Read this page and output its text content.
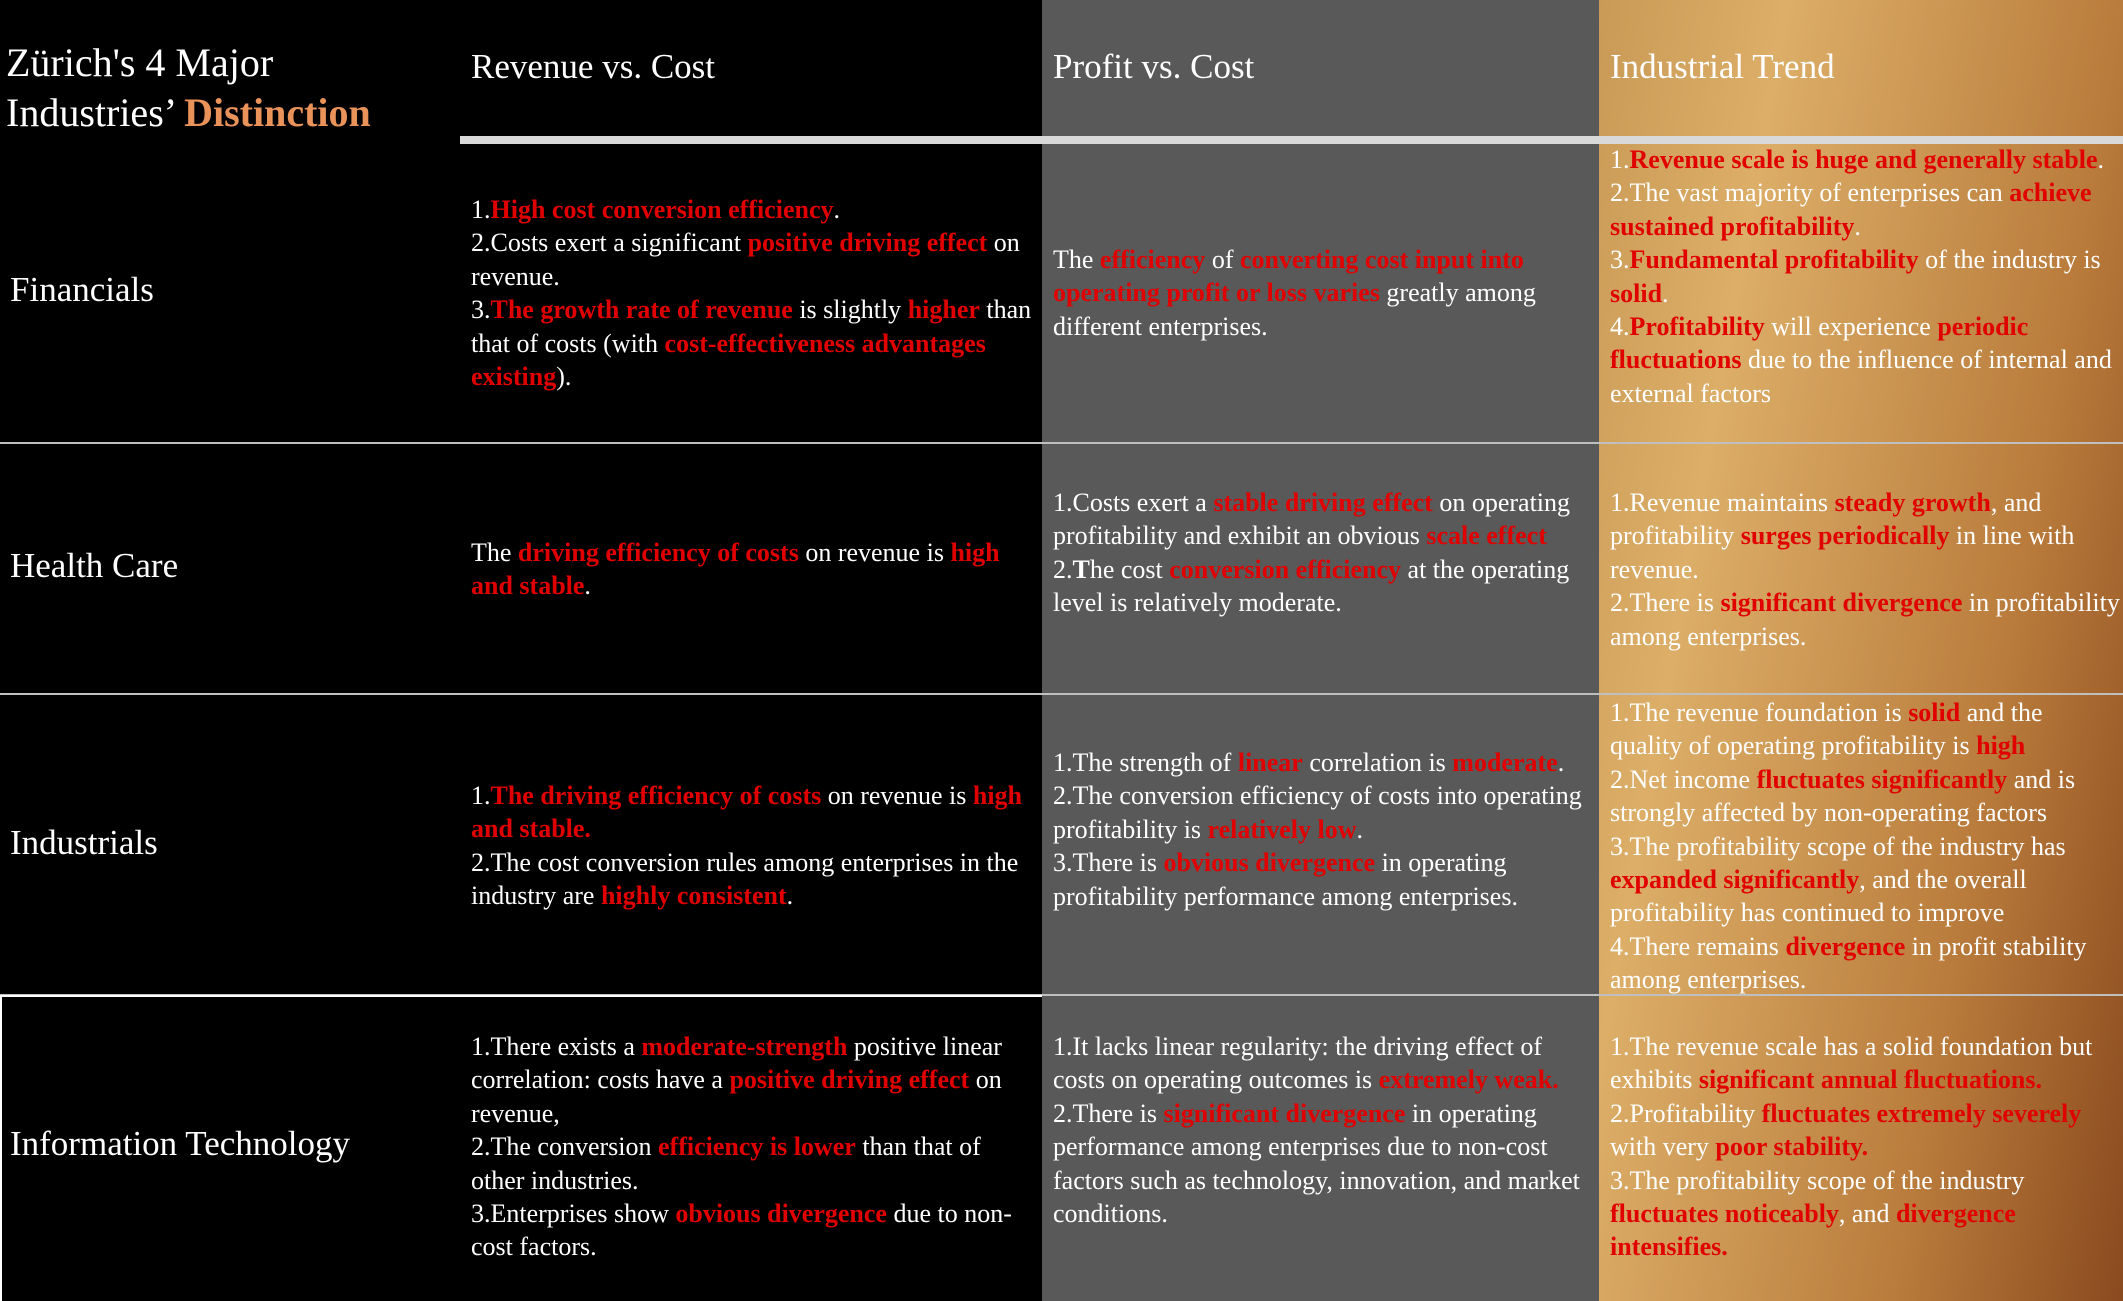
Zürich's 4 Major
Industries’ Distinction
Revenue vs. Cost	Profit vs. Cost	Industrial Trend
Financials
Health Care
Industrials
Information Technology
1.High cost conversion efficiency.
2.Costs exert a significant positive driving effect on revenue.
3.The growth rate of revenue is slightly higher than that of costs (with cost-effectiveness advantages existing).
The efficiency of converting cost input into operating profit or loss varies greatly among different enterprises.
1.Revenue scale is huge and generally stable.
2.The vast majority of enterprises can achieve sustained profitability.
3.Fundamental profitability of the industry is solid.
4.Profitability will experience periodic fluctuations due to the influence of internal and external factors
The driving efficiency of costs on revenue is high and stable.
1.Costs exert a stable driving effect on operating profitability and exhibit an obvious scale effect
2.The cost conversion efficiency at the operating level is relatively moderate.
1.Revenue maintains steady growth, and profitability surges periodically in line with revenue.
2.There is significant divergence in profitability among enterprises.
1.The driving efficiency of costs on revenue is high and stable.
2.The cost conversion rules among enterprises in the industry are highly consistent.
1.The strength of linear correlation is moderate.
2.The conversion efficiency of costs into operating profitability is relatively low.
3.There is obvious divergence in operating profitability performance among enterprises.
1.The revenue foundation is solid and the quality of operating profitability is high
2.Net income fluctuates significantly and is strongly affected by non-operating factors
3.The profitability scope of the industry has expanded significantly, and the overall profitability has continued to improve
4.There remains divergence in profit stability among enterprises.
1.There exists a moderate-strength positive linear correlation: costs have a positive driving effect on revenue,
2.The conversion efficiency is lower than that of other industries.
3.Enterprises show obvious divergence due to non-cost factors.
1.It lacks linear regularity: the driving effect of costs on operating outcomes is extremely weak.
2.There is significant divergence in operating performance among enterprises due to non-cost factors such as technology, innovation, and market conditions.
1.The revenue scale has a solid foundation but exhibits significant annual fluctuations.
2.Profitability fluctuates extremely severely with very poor stability.
3.The profitability scope of the industry fluctuates noticeably, and divergence intensifies.
